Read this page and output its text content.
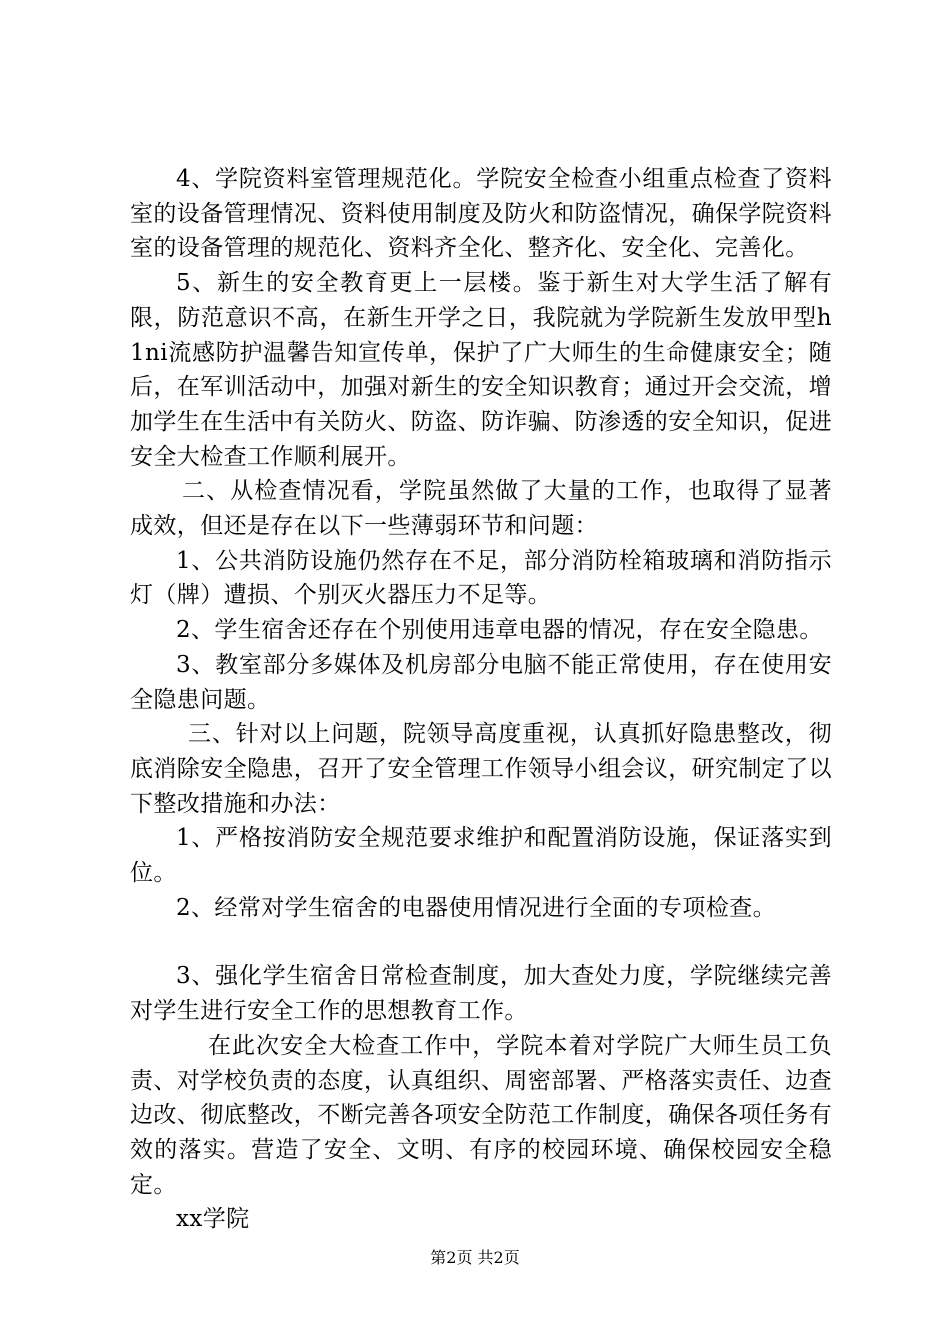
4、学院资料室管理规范化。学院安全检查小组重点检查了资料室的设备管理情况、资料使用制度及防火和防盗情况，确保学院资料室的设备管理的规范化、资料齐全化、整齐化、安全化、完善化。

5、新生的安全教育更上一层楼。鉴于新生对大学生活了解有限，防范意识不高，在新生开学之日，我院就为学院新生发放甲型h1ni流感防护温馨告知宣传单，保护了广大师生的生命健康安全；随后，在军训活动中，加强对新生的安全知识教育；通过开会交流，增加学生在生活中有关防火、防盗、防诈骗、防渗透的安全知识，促进安全大检查工作顺利展开。

二、从检查情况看，学院虽然做了大量的工作，也取得了显著成效，但还是存在以下一些薄弱环节和问题：

1、公共消防设施仍然存在不足，部分消防栓箱玻璃和消防指示灯（牌）遭损、个别灭火器压力不足等。

2、学生宿舍还存在个别使用违章电器的情况，存在安全隐患。

3、教室部分多媒体及机房部分电脑不能正常使用，存在使用安全隐患问题。

三、针对以上问题，院领导高度重视，认真抓好隐患整改，彻底消除安全隐患，召开了安全管理工作领导小组会议，研究制定了以下整改措施和办法：

1、严格按消防安全规范要求维护和配置消防设施，保证落实到位。

2、经常对学生宿舍的电器使用情况进行全面的专项检查。

3、强化学生宿舍日常检查制度，加大查处力度，学院继续完善对学生进行安全工作的思想教育工作。

在此次安全大检查工作中，学院本着对学院广大师生员工负责、对学校负责的态度，认真组织、周密部署、严格落实责任、边查边改、彻底整改，不断完善各项安全防范工作制度，确保各项任务有效的落实。营造了安全、文明、有序的校园环境、确保校园安全稳定。

xx学院

第2页 共2页
